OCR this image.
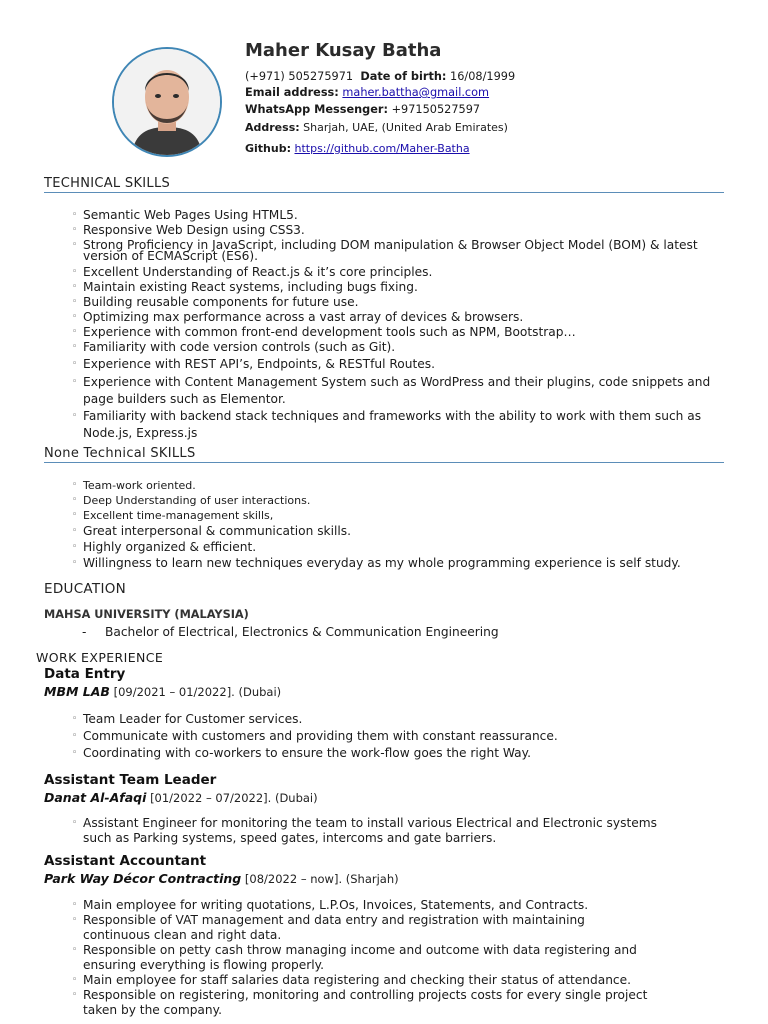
Maher Kusay Batha
(+971) 505275971 Date of birth: 16/08/1999
Email address: maher.battha@gmail.com
WhatsApp Messenger: +97150527597
Address: Sharjah, UAE, (United Arab Emirates)
Github: https://github.com/Maher-Batha
TECHNICAL SKILLS
◦ Semantic Web Pages Using HTML5.
◦ Responsive Web Design using CSS3.
◦ Strong Proficiency in JavaScript, including DOM manipulation & Browser Object Model (BOM) & latest version of ECMAScript (ES6).
◦ Excellent Understanding of React.js & it’s core principles.
◦ Maintain existing React systems, including bugs fixing.
◦ Building reusable components for future use.
◦ Optimizing max performance across a vast array of devices & browsers.
◦ Experience with common front-end development tools such as NPM, Bootstrap…
◦ Familiarity with code version controls (such as Git).
◦ Experience with REST API’s, Endpoints, & RESTful Routes.
◦ Experience with Content Management System such as WordPress and their plugins, code snippets and page builders such as Elementor.
◦ Familiarity with backend stack techniques and frameworks with the ability to work with them such as Node.js, Express.js
None Technical SKILLS
◦ Team-work oriented.
◦ Deep Understanding of user interactions.
◦ Excellent time-management skills,
◦ Great interpersonal & communication skills.
◦ Highly organized & efficient.
◦ Willingness to learn new techniques everyday as my whole programming experience is self study.
EDUCATION
MAHSA UNIVERSITY (MALAYSIA)
- Bachelor of Electrical, Electronics & Communication Engineering
WORK EXPERIENCE
Data Entry
MBM LAB [09/2021 – 01/2022]. (Dubai)
◦ Team Leader for Customer services.
◦ Communicate with customers and providing them with constant reassurance.
◦ Coordinating with co-workers to ensure the work-flow goes the right Way.
Assistant Team Leader
Danat Al-Afaqi [01/2022 – 07/2022]. (Dubai)
◦ Assistant Engineer for monitoring the team to install various Electrical and Electronic systems such as Parking systems, speed gates, intercoms and gate barriers.
Assistant Accountant
Park Way Décor Contracting [08/2022 – now]. (Sharjah)
◦ Main employee for writing quotations, L.P.Os, Invoices, Statements, and Contracts.
◦ Responsible of VAT management and data entry and registration with maintaining continuous clean and right data.
◦ Responsible on petty cash throw managing income and outcome with data registering and ensuring everything is flowing properly.
◦ Main employee for staff salaries data registering and checking their status of attendance.
◦ Responsible on registering, monitoring and controlling projects costs for every single project taken by the company.
